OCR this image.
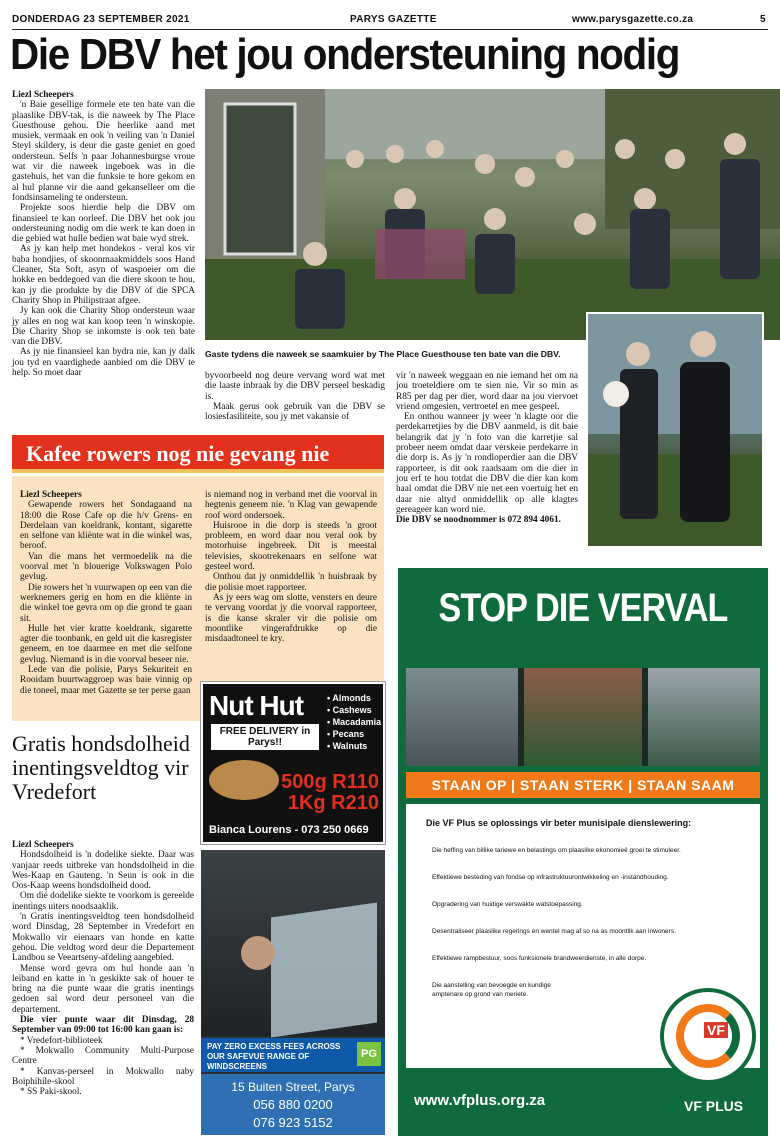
DONDERDAG 23 SEPTEMBER 2021	PARYS GAZETTE	www.parysgazette.co.za	5
Die DBV het jou ondersteuning nodig

Liezl Scheepers

'n Baie gesellige formele ete ten bate van die plaaslike DBV-tak, is die naweek by The Place Guesthouse gehou. Die heerlike aand met musiek, vermaak en ook 'n veiling van 'n Daniel Steyl skildery, is deur die gaste geniet en goed ondersteun. Selfs 'n paar Johannesburgse vroue wat vir die naweek ingeboek was in die gastehuis, het van die funksie te hore gekom en al hul planne vir die aand gekanselleer om die fondsinsameling te ondersteun.

Projekte soos hierdie help die DBV om finansieel te kan oorleef. Die DBV het ook jou ondersteuning nodig om die werk te kan doen in die gebied wat hulle bedien wat baie wyd strek.

As jy kan help met hondekos - veral kos vir baba hondjies, of skoonmaakmiddels soos Hand Cleaner, Sta Soft, asyn of waspoeier om die hokke en beddegoed van die diere skoon te hou, kan jy die produkte by die DBV of die SPCA Charity Shop in Philipstraat afgee.

Jy kan ook die Charity Shop ondersteun waar jy alles en nog wat kan koop teen 'n winskopie. Die Charity Shop se inkomste is ook ten bate van die DBV.

As jy nie finansieel kan bydra nie, kan jy dalk jou tyd en vaardighede aanbied om die DBV te help. So moet daar

Gaste tydens die naweek se saamkuier by The Place Guesthouse ten bate van die DBV.

byvoorbeeld nog deure vervang word wat met die laaste inbraak by die DBV perseel beskadig is.

Maak gerus ook gebruik van die DBV se losiesfasiliteite, sou jy met vakansie of

vir 'n naweek weggaan en nie iemand het om na jou troeteldiere om te sien nie. Vir so min as R85 per dag per dier, word daar na jou viervoet vriend omgesien, vertroetel en mee gespeel.

En onthou wanneer jy weer 'n klagte oor die perdekarretjies by die DBV aanmeld, is dit baie belangrik dat jy 'n foto van die karretjie sal probeer neem omdat daar verskeie perdekarre in die dorp is. As jy 'n rondloperdier aan die DBV rapporteer, is dit ook raadsaam om die dier in jou erf te hou totdat die DBV die dier kan kom haal omdat die DBV nie net een voertuig het en daar nie altyd onmiddellik op alle klagtes gereageer kan word nie.

Die DBV se noodnommer is 072 894 4061.

Kafee rowers nog nie gevang nie

Liezl Scheepers

Gewapende rowers het Sondagaand na 18:00 die Rose Cafe op die h/v Grens- en Derdelaan van koeldrank, kontant, sigarette en selfone van kliënte wat in die winkel was, beroof.

Van die mans het vermoedelik na die voorval met 'n blouerige Volkswagen Polo gevlug.

Die rowers het 'n vuurwapen op een van die werknemers gerig en hom en die kliënte in die winkel toe gevra om op die grond te gaan sit.

Hulle het vier kratte koeldrank, sigarette agter die toonbank, en geld uit die kasregister geneem, en toe daarmee en met die selfone gevlug. Niemand is in die voorval beseer nie.

Lede van die polisie, Parys Sekuriteit en Rooidam buurtwaggroep was baie vinnig op die toneel, maar met Gazette se ter perse gaan

is niemand nog in verband met die voorval in hegtenis geneem nie. 'n Klag van gewapende roof word ondersoek.

Huisrooe in die dorp is steeds 'n groot probleem, en word daar nou veral ook by motorhuise ingebreek. Dit is meestal televisies, skootrekenaars en selfone wat gesteel word.

Onthou dat jy onmiddellik 'n huisbraak by die polisie moet rapporteer.

As jy eers wag om slotte, vensters en deure te vervang voordat jy die voorval rapporteer, is die kanse skraler vir die polisie om moontlike vingerafdrukke op die misdaadtoneel te kry.

Gratis hondsdolheid inentingsveldtog vir Vredefort

Liezl Scheepers

Hondsdolheid is 'n dodelike siekte. Daar was vanjaar reeds uitbreke van hondsdolheid in die Wes-Kaap en Gauteng. 'n Seun is ook in die Oos-Kaap weens hondsdolheid dood.

Om dié dodelike siekte te voorkom is gereelde inentings uiters noodsaaklik.

'n Gratis inentingsveldtog teen hondsdolheid word Dinsdag, 28 September in Vredefort en Mokwallo vir eienaars van honde en katte gehou. Die veldtog word deur die Departement Landbou se Veeartseny-afdeling aangebied.

Mense word gevra om hul honde aan 'n leiband en katte in 'n geskikte sak of houer te bring na die punte waar die gratis inentings gedoen sal word deur personeel van die departement.

Die vier punte waar dit Dinsdag, 28 September van 09:00 tot 16:00 kan gaan is:

* Vredefort-biblioteek

* Mokwallo Community Multi-Purpose Centre

* Kanvas-perseel in Mokwallo naby Boiphihile-skool

* SS Paki-skool.

Nut Hut	• Almonds
• Cashews
• Macadamia
• Pecans
• Walnuts
FREE DELIVERY in Parys!!
500g R110
1Kg R210
Bianca Lourens - 073 250 0669
PAY ZERO EXCESS FEES ACROSS OUR SAFEVUE RANGE OF WINDSCREENS
PG
15 Buiten Street, Parys
056 880 0200
076 923 5152
STOP DIE VERVAL
STAAN OP | STAAN STERK | STAAN SAAM
Die VF Plus se oplossings vir beter munisipale dienslewering:
Die heffing van billike tariewe en belastings om plaaslike ekonomieë groei te stimuleer.
Effektiewe besteding van fondse op infrastruktuurontwikkeling en -instandhouding.
Opgradering van huidige verswakte watstoepassing.
Desentraliseer plaaslike regerings en wentel mag af so na as moontlik aan inwoners.
Effektiewe rampbestuur, soos funksionele brandweerdienste, in alle dorpe.
Die aanstelling van bevoegde en kundige amptenare op grond van meriete.
VF
www.vfplus.org.za	VF PLUS
